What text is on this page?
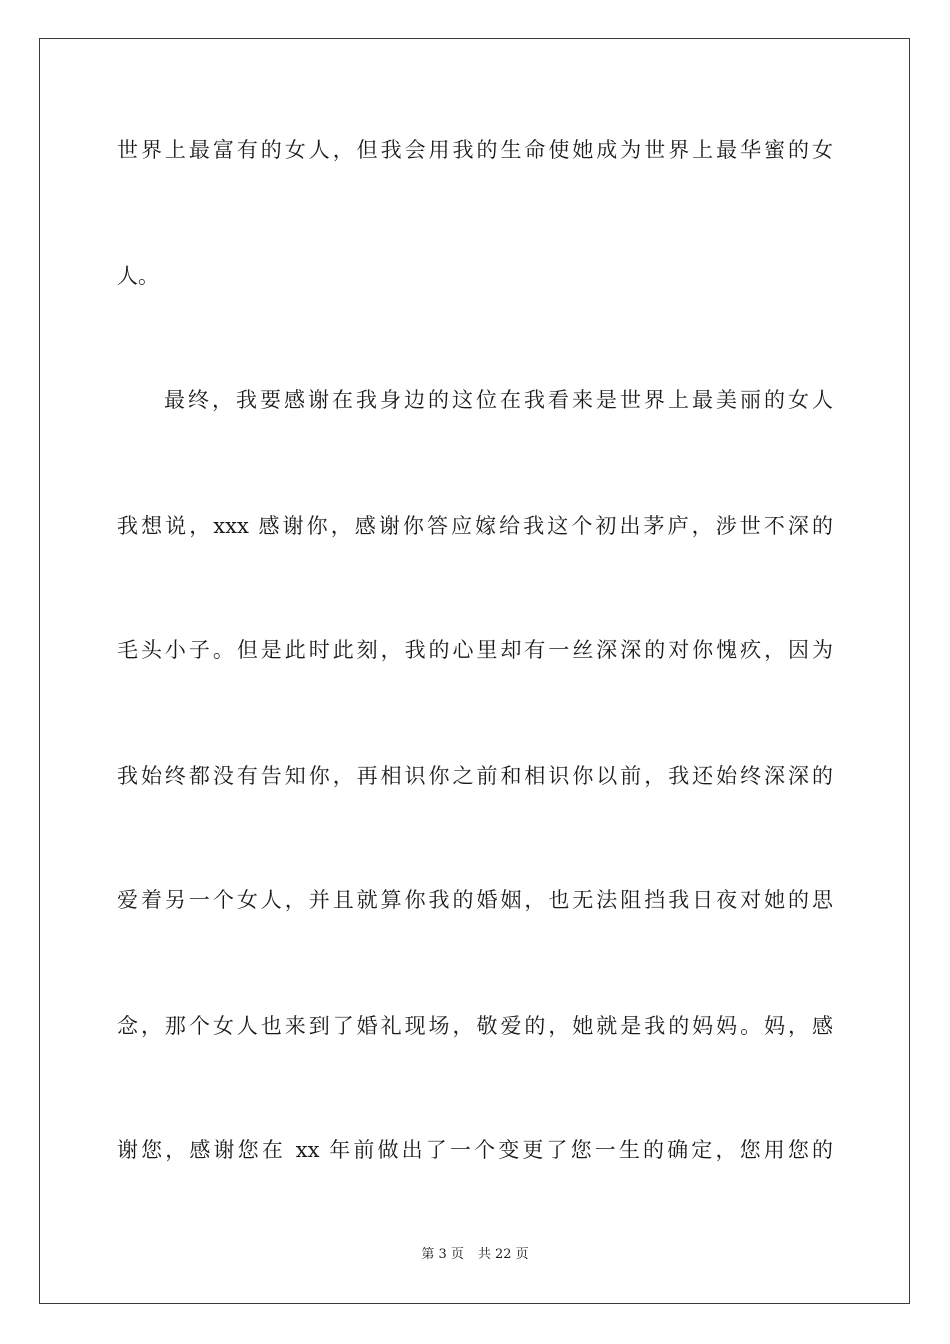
世界上最富有的女人，但我会用我的生命使她成为世界上最华蜜的女
人。
最终，我要感谢在我身边的这位在我看来是世界上最美丽的女人
我想说，xxx 感谢你，感谢你答应嫁给我这个初出茅庐，涉世不深的
毛头小子。但是此时此刻，我的心里却有一丝深深的对你愧疚，因为
我始终都没有告知你，再相识你之前和相识你以前，我还始终深深的
爱着另一个女人，并且就算你我的婚姻，也无法阻挡我日夜对她的思
念，那个女人也来到了婚礼现场，敬爱的，她就是我的妈妈。妈，感
谢您，感谢您在 xx 年前做出了一个变更了您一生的确定，您用您的
第 3 页 共 22 页
